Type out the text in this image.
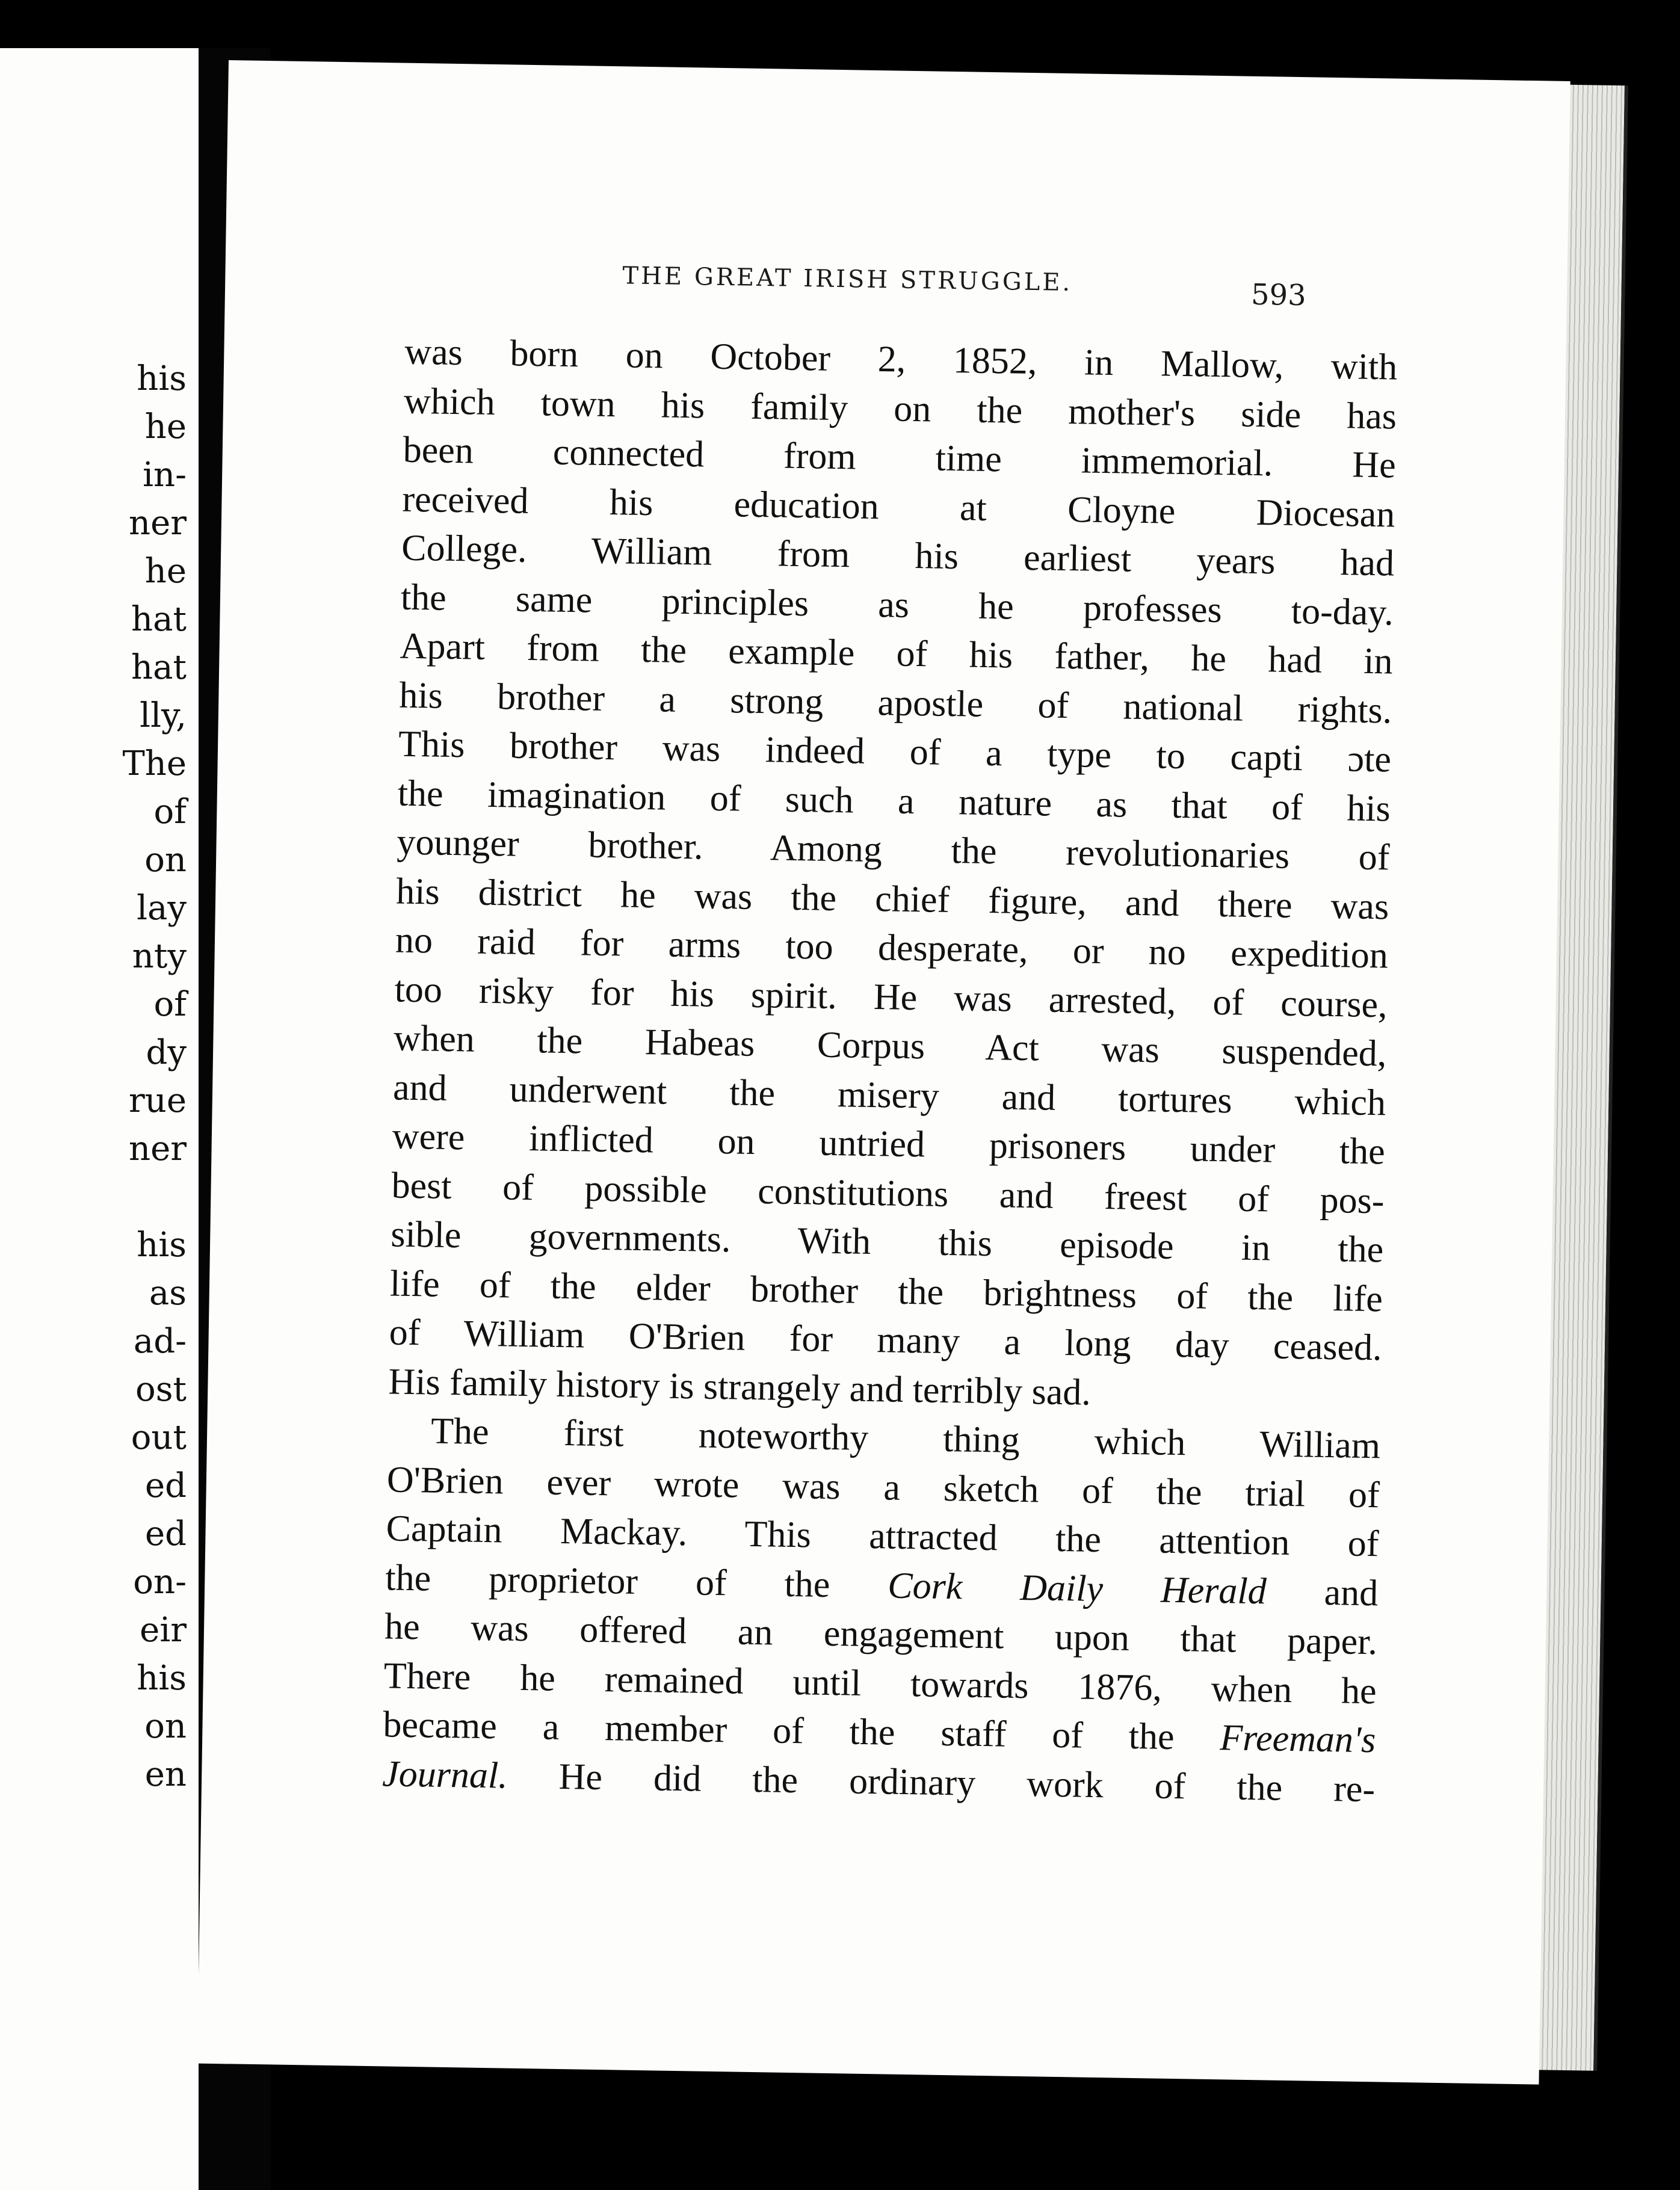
his
he
in-
ner
he
hat
hat
lly,
The
of
on
lay
nty
of
dy
rue
ner
his
as
ad-
ost
out
ed
ed
on-
eir
his
on
en
THE GREAT IRISH STRUGGLE.	593
was born on October 2, 1852, in Mallow, with
which town his family on the mother's side has
been connected from time immemorial. He
received his education at Cloyne Diocesan
College. William from his earliest years had
the same principles as he professes to-day.
Apart from the example of his father, he had in
his brother a strong apostle of national rights.
This brother was indeed of a type to capti ɔte
the imagination of such a nature as that of his
younger brother. Among the revolutionaries of
his district he was the chief figure, and there was
no raid for arms too desperate, or no expedition
too risky for his spirit. He was arrested, of course,
when the Habeas Corpus Act was suspended,
and underwent the misery and tortures which
were inflicted on untried prisoners under the
best of possible constitutions and freest of pos-
sible governments. With this episode in the
life of the elder brother the brightness of the life
of William O'Brien for many a long day ceased.
His family history is strangely and terribly sad.
The first noteworthy thing which William
O'Brien ever wrote was a sketch of the trial of
Captain Mackay. This attracted the attention of
the proprietor of the Cork Daily Herald and
he was offered an engagement upon that paper.
There he remained until towards 1876, when he
became a member of the staff of the Freeman's
Journal. He did the ordinary work of the re-
